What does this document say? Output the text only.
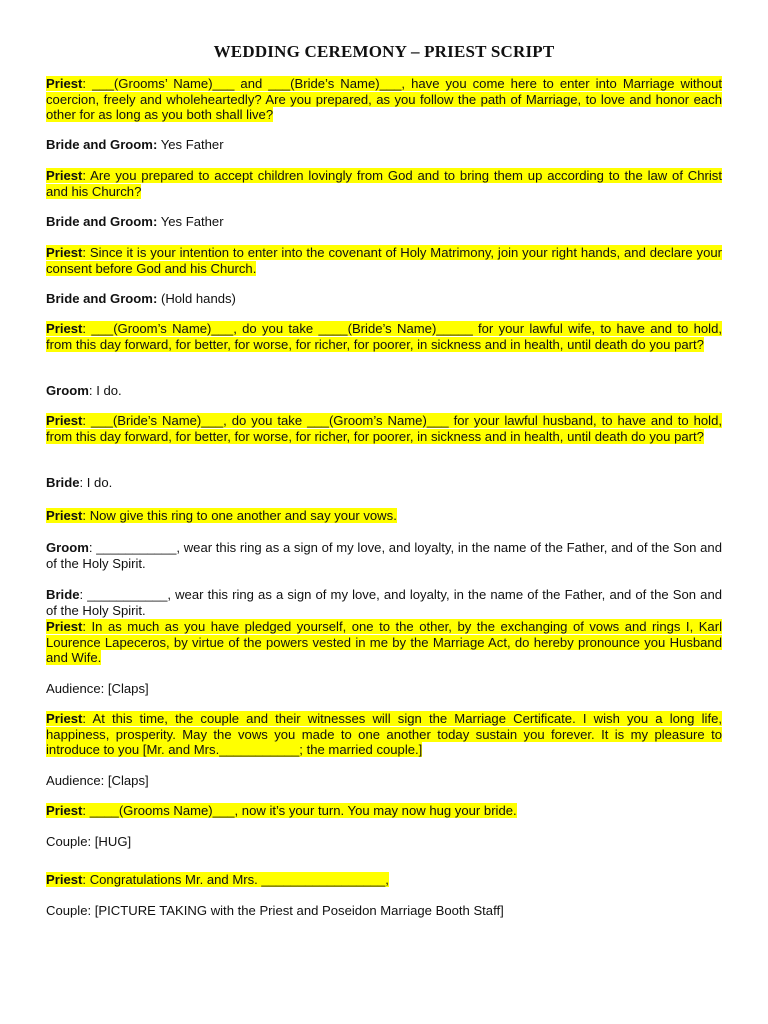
WEDDING CEREMONY – PRIEST SCRIPT
Priest: ___(Grooms’ Name)___ and ___(Bride’s Name)___, have you come here to enter into Marriage without coercion, freely and wholeheartedly? Are you prepared, as you follow the path of Marriage, to love and honor each other for as long as you both shall live?
Bride and Groom: Yes Father
Priest: Are you prepared to accept children lovingly from God and to bring them up according to the law of Christ and his Church?
Bride and Groom: Yes Father
Priest: Since it is your intention to enter into the covenant of Holy Matrimony, join your right hands, and declare your consent before God and his Church.
Bride and Groom: (Hold hands)
Priest: ___(Groom’s Name)___, do you take ____(Bride’s Name)_____ for your lawful wife, to have and to hold, from this day forward, for better, for worse, for richer, for poorer, in sickness and in health, until death do you part?
Groom: I do.
Priest: ___(Bride’s Name)___, do you take ___(Groom’s Name)___ for your lawful husband, to have and to hold, from this day forward, for better, for worse, for richer, for poorer, in sickness and in health, until death do you part?
Bride: I do.
Priest: Now give this ring to one another and say your vows.
Groom: ___________, wear this ring as a sign of my love, and loyalty, in the name of the Father, and of the Son and of the Holy Spirit.
Bride: ___________, wear this ring as a sign of my love, and loyalty, in the name of the Father, and of the Son and of the Holy Spirit.
Priest: In as much as you have pledged yourself, one to the other, by the exchanging of vows and rings I, Karl Lourence Lapeceros, by virtue of the powers vested in me by the Marriage Act, do hereby pronounce you Husband and Wife.
Audience: [Claps]
Priest: At this time, the couple and their witnesses will sign the Marriage Certificate. I wish you a long life, happiness, prosperity. May the vows you made to one another today sustain you forever. It is my pleasure to introduce to you [Mr. and Mrs.___________; the married couple.]
Audience: [Claps]
Priest: ____(Grooms Name)___, now it’s your turn. You may now hug your bride.
Couple: [HUG]
Priest: Congratulations Mr. and Mrs. _________________,
Couple: [PICTURE TAKING with the Priest and Poseidon Marriage Booth Staff]
